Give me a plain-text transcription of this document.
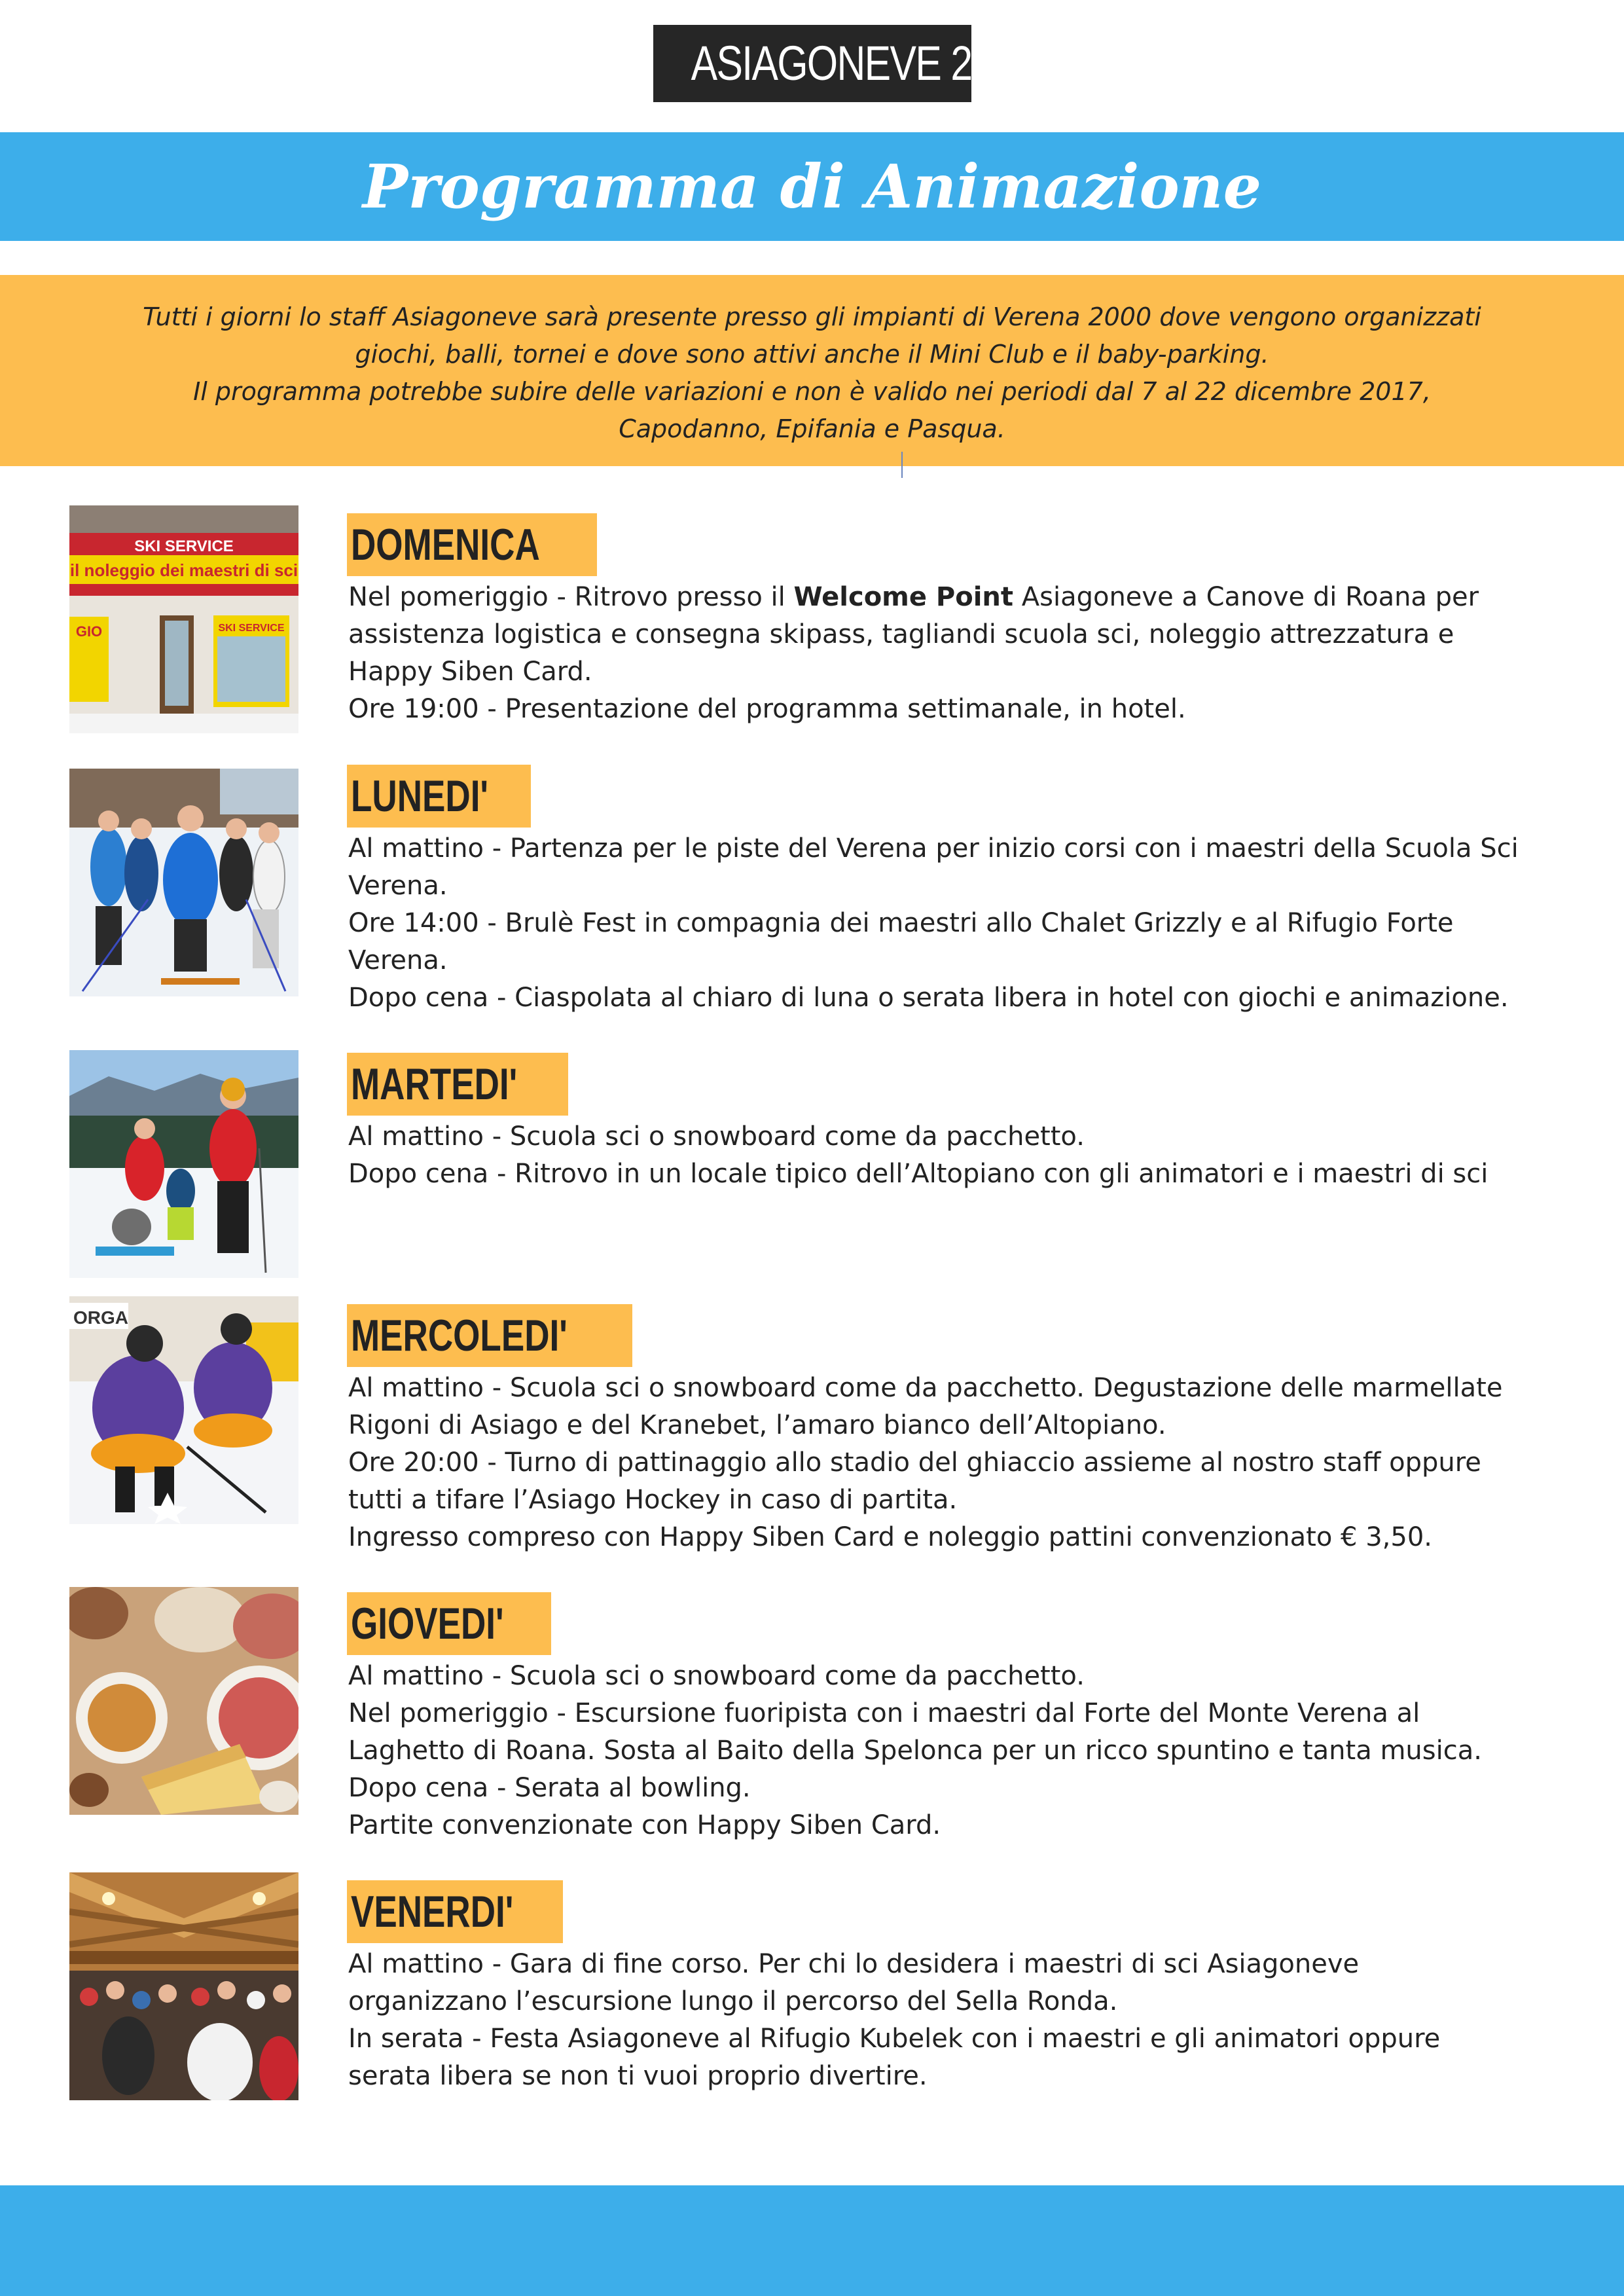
ASIAGONEVE 2018
Programma di Animazione
Tutti i giorni lo staff Asiagoneve sarà presente presso gli impianti di Verena 2000 dove vengono organizzati
giochi, balli, tornei e dove sono attivi anche il Mini Club e il baby-parking.
Il programma potrebbe subire delle variazioni e non è valido nei periodi dal 7 al 22 dicembre 2017,
Capodanno, Epifania e Pasqua.
SKI SERVICE
il noleggio dei maestri di sci
GIO	SKI SERVICE
DOMENICA
Nel pomeriggio - Ritrovo presso il Welcome Point Asiagoneve a Canove di Roana per
assistenza logistica e consegna skipass, tagliandi scuola sci, noleggio attrezzatura e
Happy Siben Card.
Ore 19:00 - Presentazione del programma settimanale, in hotel.
LUNEDI'
Al mattino - Partenza per le piste del Verena per inizio corsi con i maestri della Scuola Sci
Verena.
Ore 14:00 - Brulè Fest in compagnia dei maestri allo Chalet Grizzly e al Rifugio Forte
Verena.
Dopo cena - Ciaspolata al chiaro di luna o serata libera in hotel con giochi e animazione.
MARTEDI'
Al mattino - Scuola sci o snowboard come da pacchetto.
Dopo cena - Ritrovo in un locale tipico dell’Altopiano con gli animatori e i maestri di sci
ORGA	MERCOLEDI'
Al mattino - Scuola sci o snowboard come da pacchetto. Degustazione delle marmellate
Rigoni di Asiago e del Kranebet, l’amaro bianco dell’Altopiano.
Ore 20:00 - Turno di pattinaggio allo stadio del ghiaccio assieme al nostro staff oppure
tutti a tifare l’Asiago Hockey in caso di partita.
Ingresso compreso con Happy Siben Card e noleggio pattini convenzionato € 3,50.
GIOVEDI'
Al mattino - Scuola sci o snowboard come da pacchetto.
Nel pomeriggio - Escursione fuoripista con i maestri dal Forte del Monte Verena al
Laghetto di Roana. Sosta al Baito della Spelonca per un ricco spuntino e tanta musica.
Dopo cena - Serata al bowling.
Partite convenzionate con Happy Siben Card.
VENERDI'
Al mattino - Gara di fine corso. Per chi lo desidera i maestri di sci Asiagoneve
organizzano l’escursione lungo il percorso del Sella Ronda.
In serata - Festa Asiagoneve al Rifugio Kubelek con i maestri e gli animatori oppure
serata libera se non ti vuoi proprio divertire.
